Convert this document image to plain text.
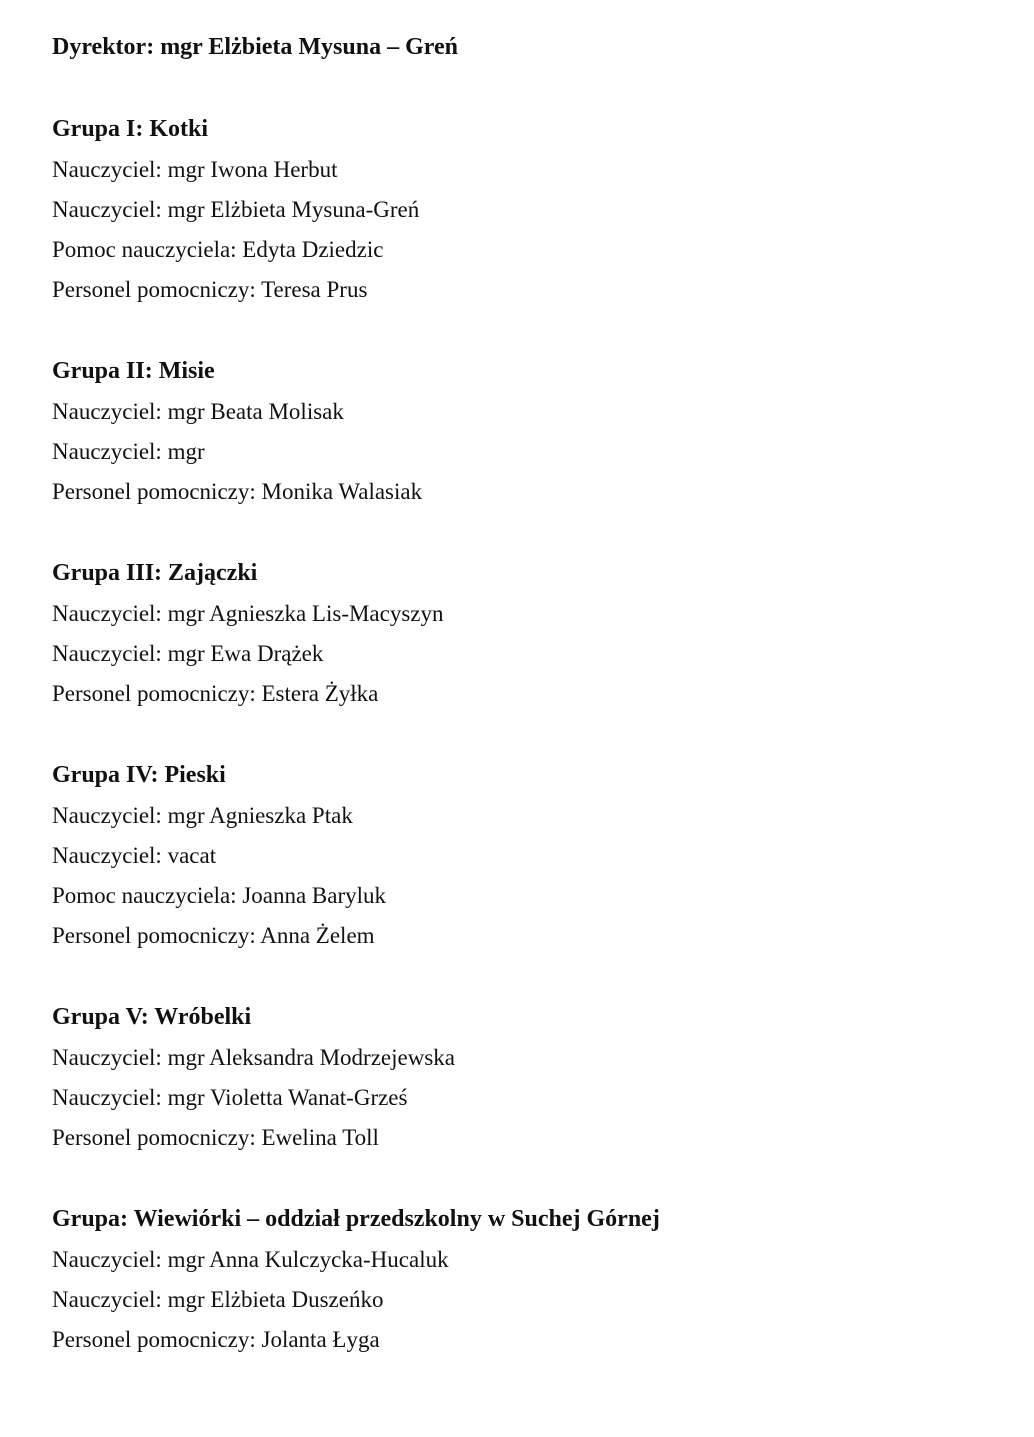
Dyrektor: mgr Elżbieta Mysuna – Greń
Grupa I: Kotki
Nauczyciel: mgr Iwona Herbut
Nauczyciel: mgr Elżbieta Mysuna-Greń
Pomoc nauczyciela: Edyta Dziedzic
Personel pomocniczy: Teresa Prus
Grupa II: Misie
Nauczyciel: mgr Beata Molisak
Nauczyciel: mgr
Personel pomocniczy: Monika Walasiak
Grupa III: Zajączki
Nauczyciel: mgr Agnieszka Lis-Macyszyn
Nauczyciel: mgr Ewa Drążek
Personel pomocniczy: Estera Żyłka
Grupa IV: Pieski
Nauczyciel: mgr Agnieszka Ptak
Nauczyciel: vacat
Pomoc nauczyciela: Joanna Baryluk
Personel pomocniczy: Anna Żelem
Grupa V: Wróbelki
Nauczyciel: mgr Aleksandra Modrzejewska
Nauczyciel: mgr Violetta Wanat-Grześ
Personel pomocniczy: Ewelina Toll
Grupa: Wiewiórki – oddział przedszkolny w Suchej Górnej
Nauczyciel: mgr Anna Kulczycka-Hucaluk
Nauczyciel: mgr Elżbieta Duszeńko
Personel pomocniczy: Jolanta Łyga
